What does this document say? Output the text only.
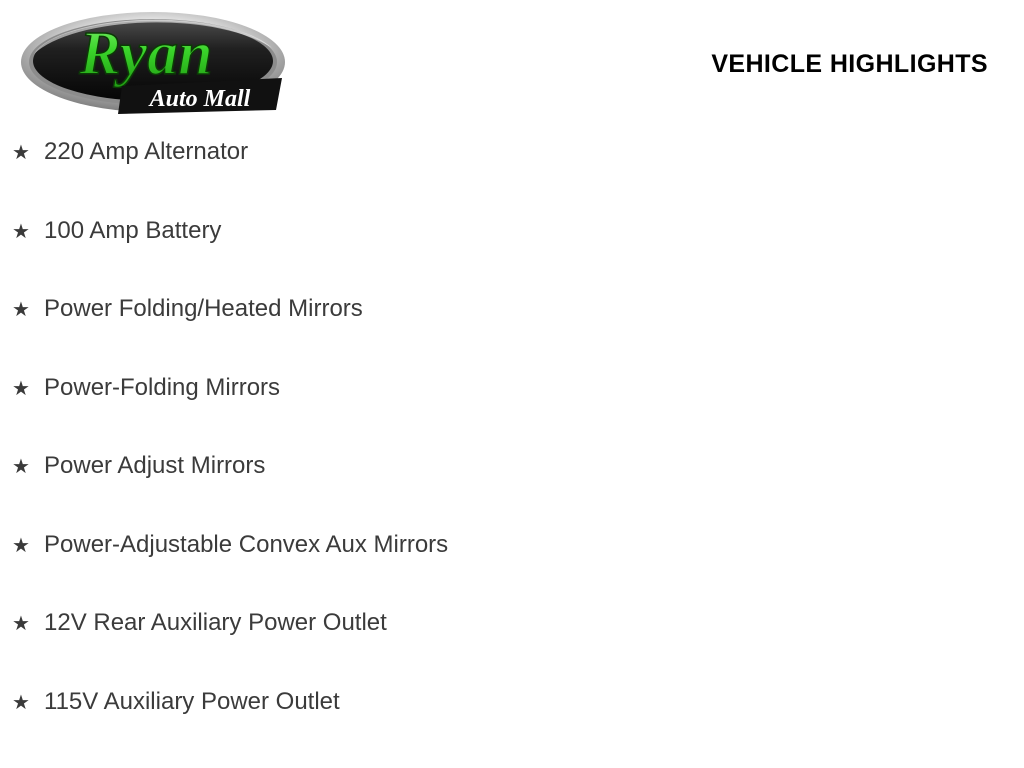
Ryan
Auto Mall
VEHICLE HIGHLIGHTS
★ 220 Amp Alternator
★ 100 Amp Battery
★ Power Folding/Heated Mirrors
★ Power-Folding Mirrors
★ Power Adjust Mirrors
★ Power-Adjustable Convex Aux Mirrors
★ 12V Rear Auxiliary Power Outlet
★ 115V Auxiliary Power Outlet
